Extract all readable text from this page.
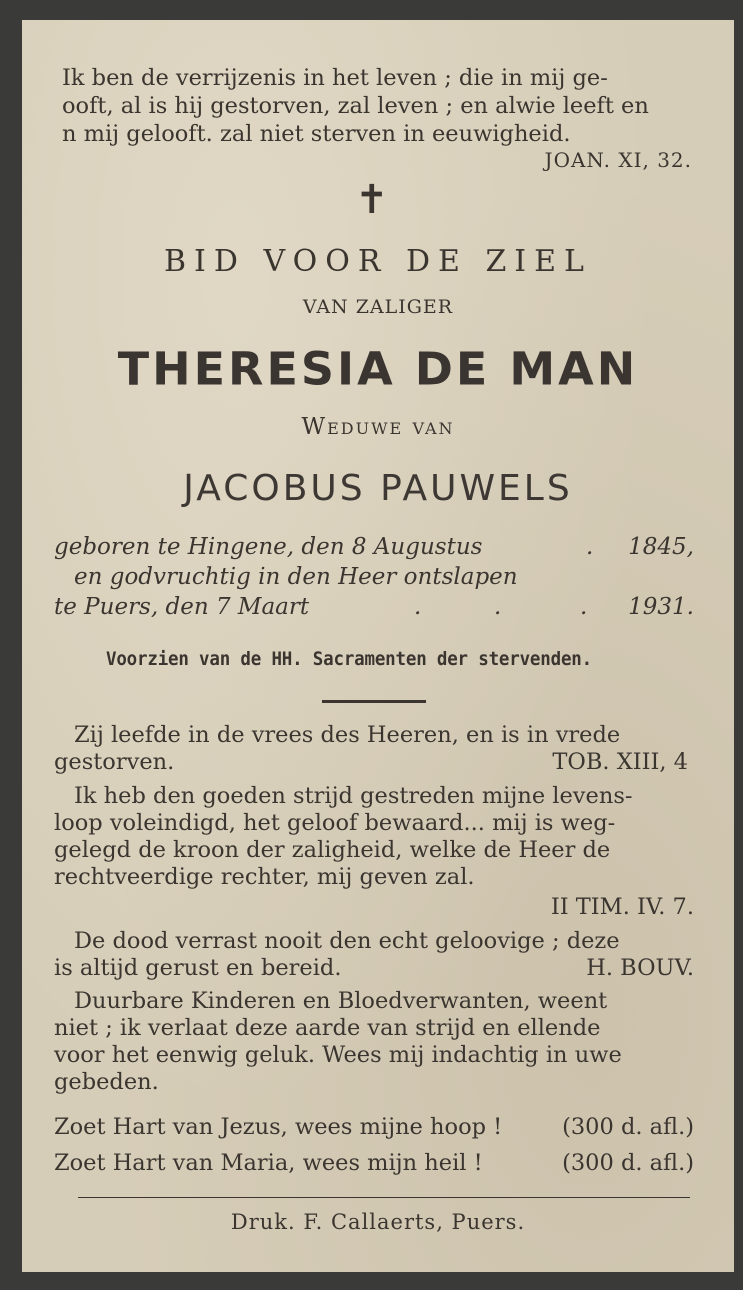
Ik ben de verrijzenis in het leven ; die in mij ge-
ooft, al is hij gestorven, zal leven ; en alwie leeft en
n mij gelooft. zal niet sterven in eeuwigheid.
JOAN. XI, 32.
✝
BID VOOR DE ZIEL
VAN ZALIGER
THERESIA DE MAN
Weduwe van
JACOBUS PAUWELS
geboren te Hingene, den 8 Augustus	. 1845,
en godvruchtig in den Heer ontslapen
te Puers, den 7 Maart	.	.	. 1931.
Voorzien van de HH. Sacramenten der stervenden.
Zij leefde in de vrees des Heeren, en is in vrede
gestorven.	TOB. XIII, 4
Ik heb den goeden strijd gestreden mijne levens-
loop voleindigd, het geloof bewaard... mij is weg-
gelegd de kroon der zaligheid, welke de Heer de
rechtveerdige rechter, mij geven zal.
II TIM. IV. 7.
De dood verrast nooit den echt geloovige ; deze
is altijd gerust en bereid.	H. BOUV.
Duurbare Kinderen en Bloedverwanten, weent
niet ; ik verlaat deze aarde van strijd en ellende
voor het eenwig geluk. Wees mij indachtig in uwe
gebeden.
Zoet Hart van Jezus, wees mijne hoop !	(300 d. afl.)
Zoet Hart van Maria, wees mijn heil !	(300 d. afl.)
Druk. F. Callaerts, Puers.
